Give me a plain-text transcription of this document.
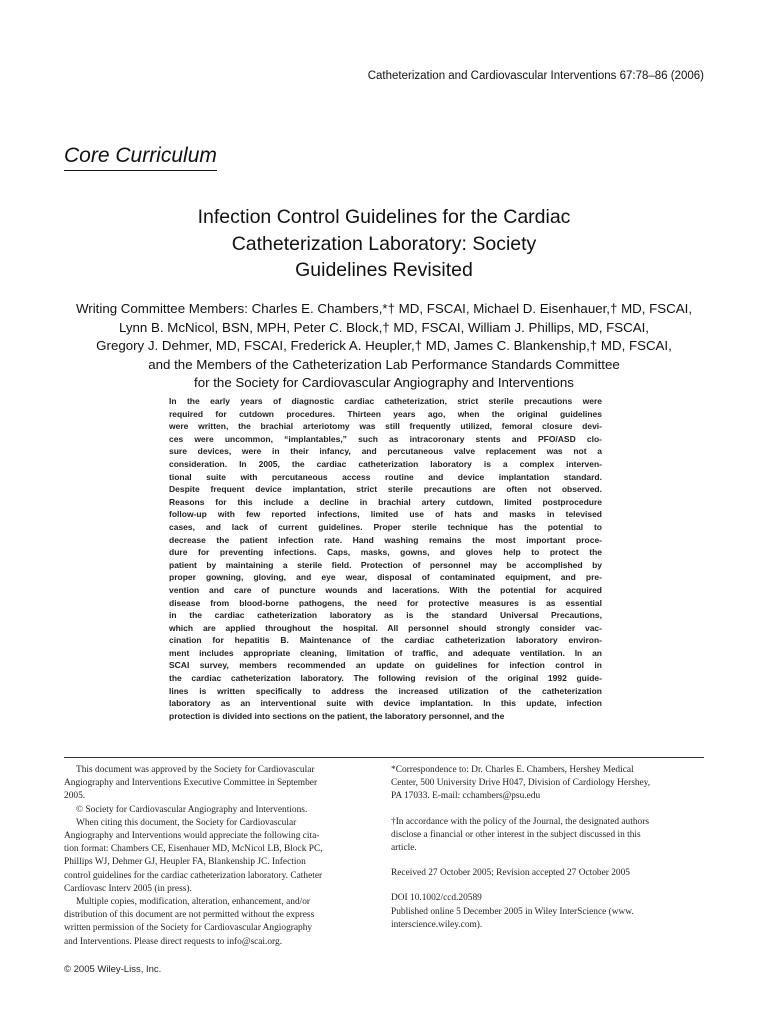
Catheterization and Cardiovascular Interventions 67:78–86 (2006)
Core Curriculum
Infection Control Guidelines for the Cardiac
Catheterization Laboratory: Society
Guidelines Revisited
Writing Committee Members: Charles E. Chambers,*† MD, FSCAI, Michael D. Eisenhauer,† MD, FSCAI,
Lynn B. McNicol, BSN, MPH, Peter C. Block,† MD, FSCAI, William J. Phillips, MD, FSCAI,
Gregory J. Dehmer, MD, FSCAI, Frederick A. Heupler,† MD, James C. Blankenship,† MD, FSCAI,
and the Members of the Catheterization Lab Performance Standards Committee
for the Society for Cardiovascular Angiography and Interventions
In the early years of diagnostic cardiac catheterization, strict sterile precautions were
required for cutdown procedures. Thirteen years ago, when the original guidelines
were written, the brachial arteriotomy was still frequently utilized, femoral closure devi-
ces were uncommon, “implantables,” such as intracoronary stents and PFO/ASD clo-
sure devices, were in their infancy, and percutaneous valve replacement was not a
consideration. In 2005, the cardiac catheterization laboratory is a complex interven-
tional suite with percutaneous access routine and device implantation standard.
Despite frequent device implantation, strict sterile precautions are often not observed.
Reasons for this include a decline in brachial artery cutdown, limited postprocedure
follow-up with few reported infections, limited use of hats and masks in televised
cases, and lack of current guidelines. Proper sterile technique has the potential to
decrease the patient infection rate. Hand washing remains the most important proce-
dure for preventing infections. Caps, masks, gowns, and gloves help to protect the
patient by maintaining a sterile field. Protection of personnel may be accomplished by
proper gowning, gloving, and eye wear, disposal of contaminated equipment, and pre-
vention and care of puncture wounds and lacerations. With the potential for acquired
disease from blood-borne pathogens, the need for protective measures is as essential
in the cardiac catheterization laboratory as is the standard Universal Precautions,
which are applied throughout the hospital. All personnel should strongly consider vac-
cination for hepatitis B. Maintenance of the cardiac catheterization laboratory environ-
ment includes appropriate cleaning, limitation of traffic, and adequate ventilation. In an
SCAI survey, members recommended an update on guidelines for infection control in
the cardiac catheterization laboratory. The following revision of the original 1992 guide-
lines is written specifically to address the increased utilization of the catheterization
laboratory as an interventional suite with device implantation. In this update, infection
protection is divided into sections on the patient, the laboratory personnel, and the
This document was approved by the Society for Cardiovascular
Angiography and Interventions Executive Committee in September
2005.
© Society for Cardiovascular Angiography and Interventions.
When citing this document, the Society for Cardiovascular
Angiography and Interventions would appreciate the following cita-
tion format: Chambers CE, Eisenhauer MD, McNicol LB, Block PC,
Phillips WJ, Dehmer GJ, Heupler FA, Blankenship JC. Infection
control guidelines for the cardiac catheterization laboratory. Catheter
Cardiovasc Interv 2005 (in press).
Multiple copies, modification, alteration, enhancement, and/or
distribution of this document are not permitted without the express
written permission of the Society for Cardiovascular Angiography
and Interventions. Please direct requests to info@scai.org.
*Correspondence to: Dr. Charles E. Chambers, Hershey Medical
Center, 500 University Drive H047, Division of Cardiology Hershey,
PA 17033. E-mail: cchambers@psu.edu
†In accordance with the policy of the Journal, the designated authors
disclose a financial or other interest in the subject discussed in this
article.
Received 27 October 2005; Revision accepted 27 October 2005
DOI 10.1002/ccd.20589
Published online 5 December 2005 in Wiley InterScience (www.
interscience.wiley.com).
© 2005 Wiley-Liss, Inc.
